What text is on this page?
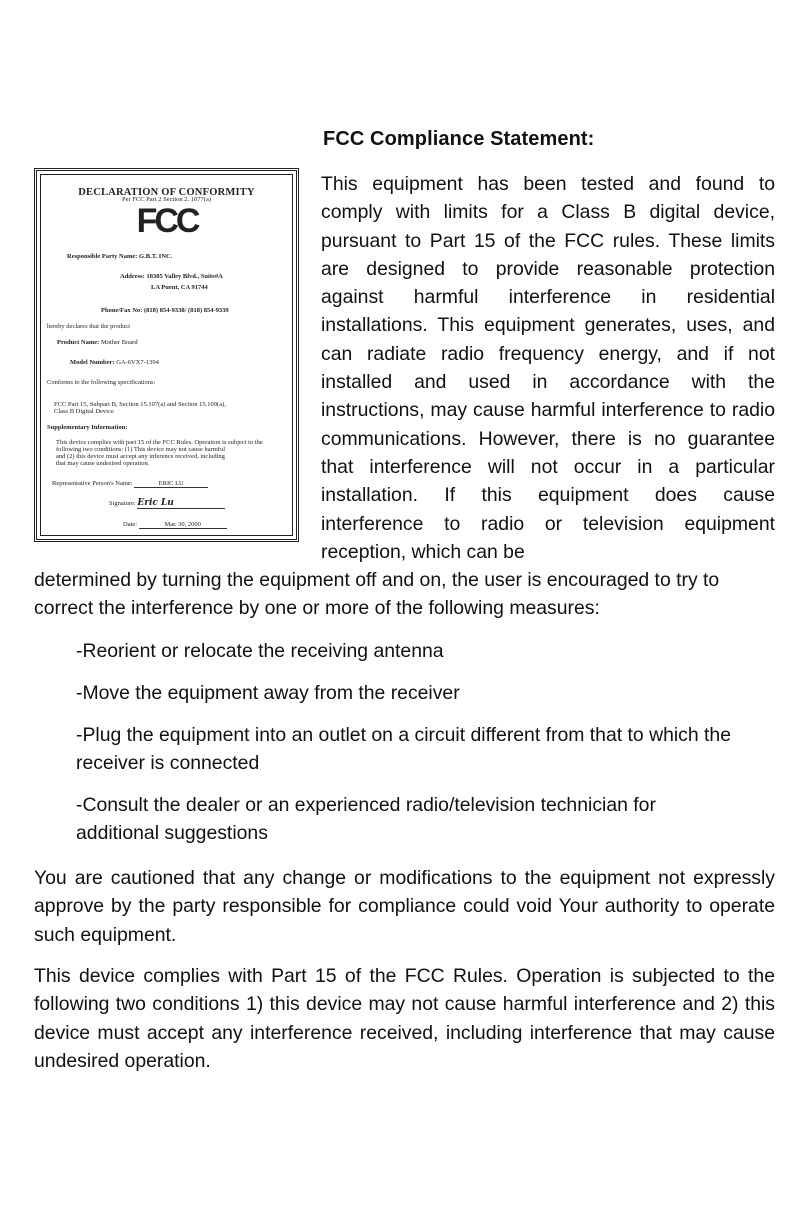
FCC Compliance Statement:
DECLARATION OF CONFORMITY
Per FCC Part 2 Section 2. 1077(a)
FCC
Responsible Party Name: G.B.T. INC.
Address: 18305 Valley Blvd., Suite#A
LA Puent, CA 91744
Phone/Fax No: (818) 854-9338/ (818) 854-9339
hereby declares that the product
Product Name: Mother Board
Model Number: GA-6VX7-1394
Conforms to the following specifications:
FCC Part 15, Subpart B, Section 15.107(a) and Section 15.109(a),
Class B Digital Device
Supplementary Information:
This device complies with part 15 of the FCC Rules. Operation is subject to the
following two conditions: (1) This device may not cause harmful
and (2) this device must accept any inference received, including
that may cause undesired operation.
Representative Person's Name:	ERIC LU
Signature: Eric Lu
Date:	Mar. 30, 2000

This equipment has been tested and found to comply with limits for a Class B digital device, pursuant to Part 15 of the FCC rules. These limits are designed to provide reasonable protection against harmful interference in residential installations. This equipment generates, uses, and can radiate radio frequency energy, and if not installed and used in accordance with the instructions, may cause harmful interference to radio communications. However, there is no guarantee that interference will not occur in a particular installation. If this equipment does cause interference to radio or television equipment reception, which can be

determined by turning the equipment off and on, the user is encouraged to try to

correct the interference by one or more of the following measures:

-Reorient or relocate the receiving antenna

-Move the equipment away from the receiver

-Plug the equipment into an outlet on a circuit different from that to which the receiver is connected

-Consult the dealer or an experienced radio/television technician for additional suggestions

You are cautioned that any change or modifications to the equipment not expressly approve by the party responsible for compliance could void Your authority to operate such equipment.

This device complies with Part 15 of the FCC Rules. Operation is subjected to the following two conditions 1) this device may not cause harmful interference and 2) this device must accept any interference received, including interference that may cause undesired operation.
